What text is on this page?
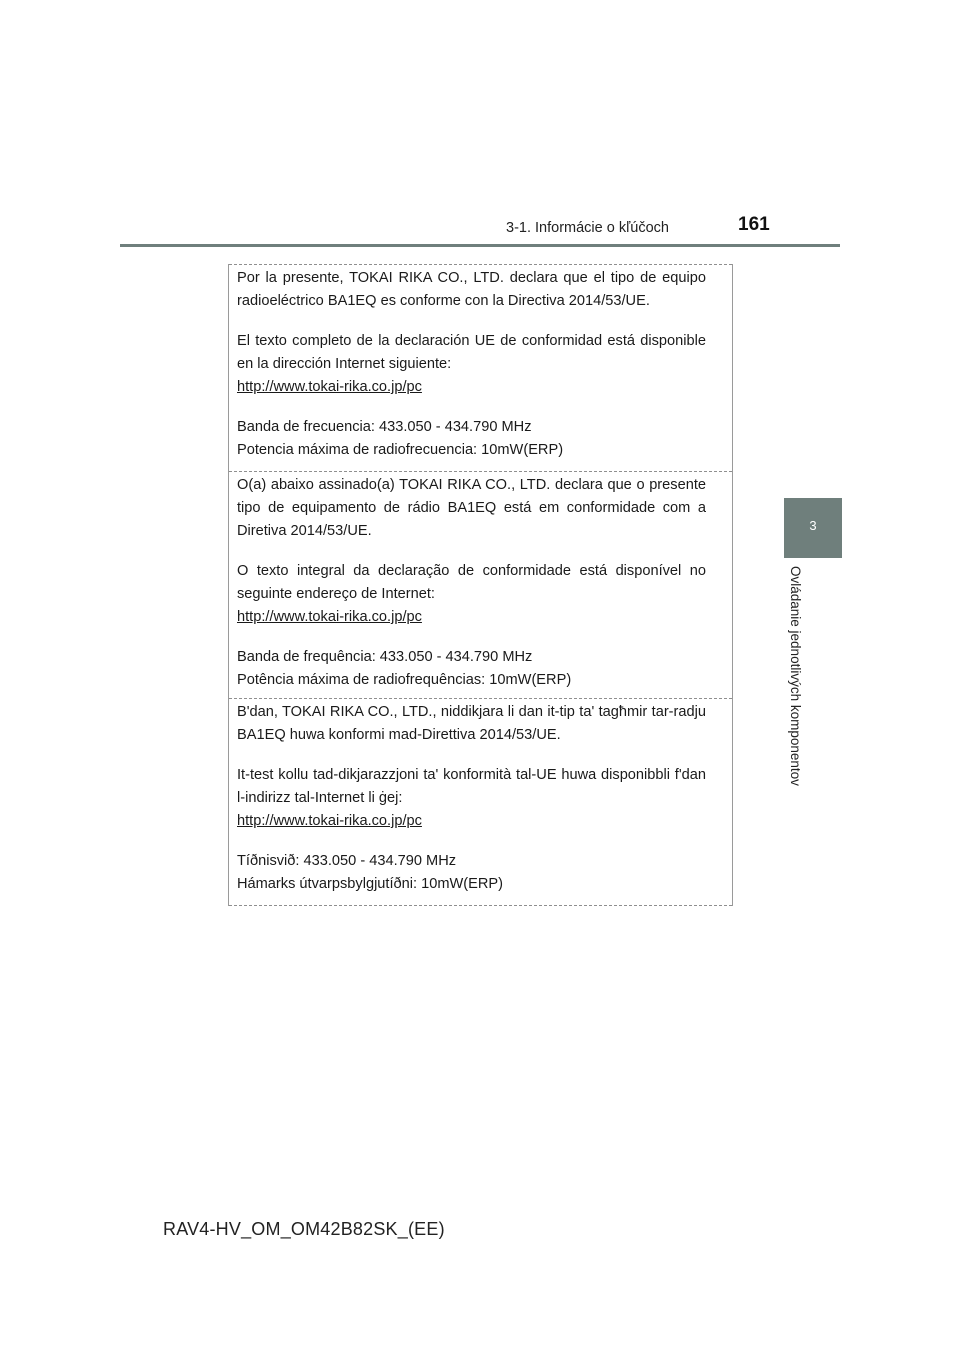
3-1. Informácie o kľúčoch	161
3
Ovládanie jednotlivých komponentov

Por la presente, TOKAI RIKA CO., LTD. declara que el tipo de equipo radioeléctrico BA1EQ es conforme con la Directiva 2014/53/UE.

El texto completo de la declaración UE de conformidad está disponible en la dirección Internet siguiente:

http://www.tokai-rika.co.jp/pc

Banda de frecuencia: 433.050 - 434.790 MHz

Potencia máxima de radiofrecuencia: 10mW(ERP)

O(a) abaixo assinado(a) TOKAI RIKA CO., LTD. declara que o presente tipo de equipamento de rádio BA1EQ está em conformidade com a Diretiva 2014/53/UE.

O texto integral da declaração de conformidade está disponível no seguinte endereço de Internet:

http://www.tokai-rika.co.jp/pc

Banda de frequência: 433.050 - 434.790 MHz

Potência máxima de radiofrequências: 10mW(ERP)

B'dan, TOKAI RIKA CO., LTD., niddikjara li dan it-tip ta' tagħmir tar-radju BA1EQ huwa konformi mad-Direttiva 2014/53/UE.

It-test kollu tad-dikjarazzjoni ta' konformità tal-UE huwa disponibbli f'dan l-indirizz tal-Internet li ġej:

http://www.tokai-rika.co.jp/pc

Tíðnisvið: 433.050 - 434.790 MHz

Hámarks útvarpsbylgjutíðni: 10mW(ERP)

RAV4-HV_OM_OM42B82SK_(EE)
